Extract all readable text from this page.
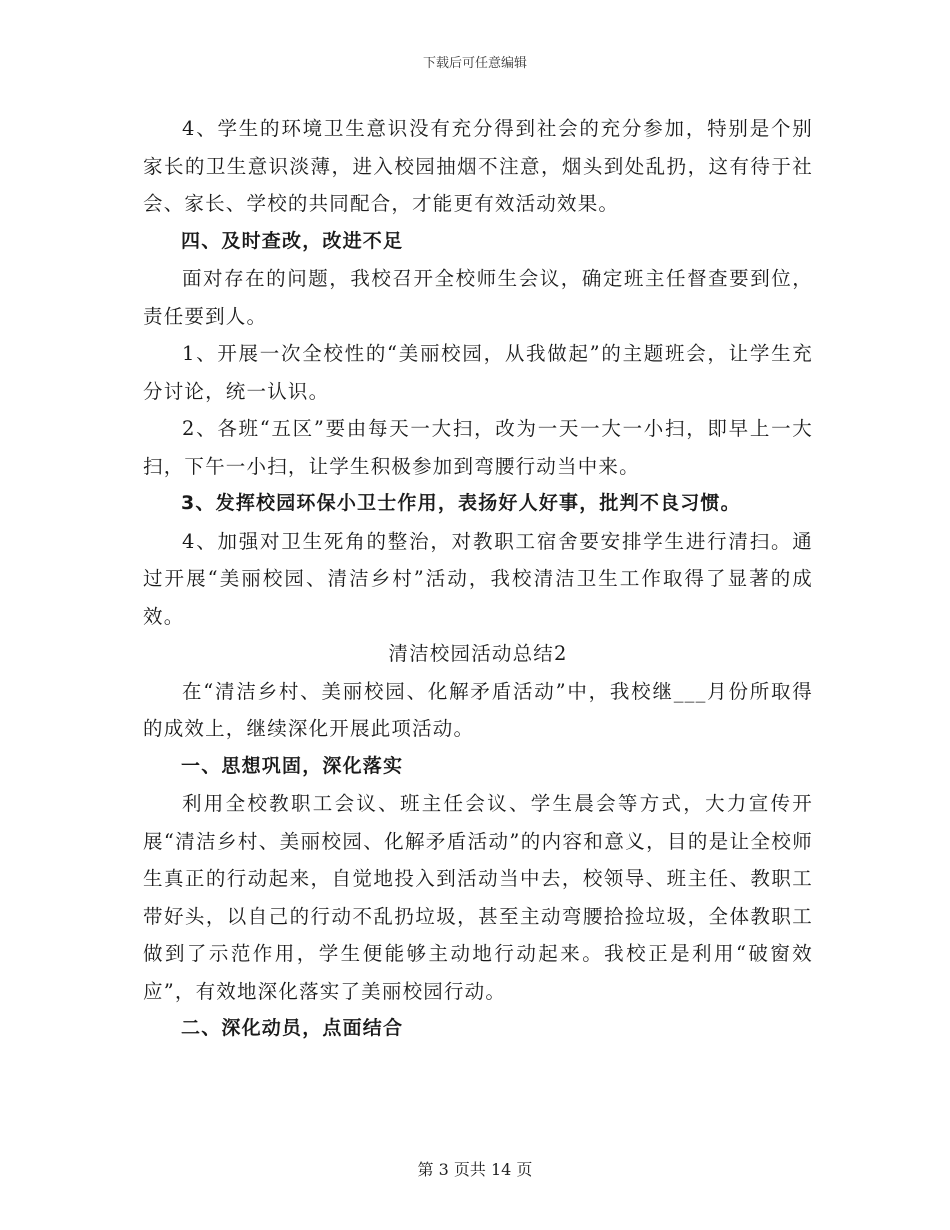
下载后可任意编辑

4、学生的环境卫生意识没有充分得到社会的充分参加，特别是个别家长的卫生意识淡薄，进入校园抽烟不注意，烟头到处乱扔，这有待于社会、家长、学校的共同配合，才能更有效活动效果。

四、及时查改，改进不足

面对存在的问题，我校召开全校师生会议，确定班主任督查要到位，责任要到人。

1、开展一次全校性的“美丽校园，从我做起”的主题班会，让学生充分讨论，统一认识。

2、各班“五区”要由每天一大扫，改为一天一大一小扫，即早上一大扫，下午一小扫，让学生积极参加到弯腰行动当中来。

3、发挥校园环保小卫士作用，表扬好人好事，批判不良习惯。

4、加强对卫生死角的整治，对教职工宿舍要安排学生进行清扫。通过开展“美丽校园、清洁乡村”活动，我校清洁卫生工作取得了显著的成效。

清洁校园活动总结2

在“清洁乡村、美丽校园、化解矛盾活动”中，我校继___月份所取得的成效上，继续深化开展此项活动。

一、思想巩固，深化落实

利用全校教职工会议、班主任会议、学生晨会等方式，大力宣传开展“清洁乡村、美丽校园、化解矛盾活动”的内容和意义，目的是让全校师生真正的行动起来，自觉地投入到活动当中去，校领导、班主任、教职工带好头，以自己的行动不乱扔垃圾，甚至主动弯腰拾捡垃圾，全体教职工做到了示范作用，学生便能够主动地行动起来。我校正是利用“破窗效应”，有效地深化落实了美丽校园行动。

二、深化动员，点面结合

第 3 页共 14 页
